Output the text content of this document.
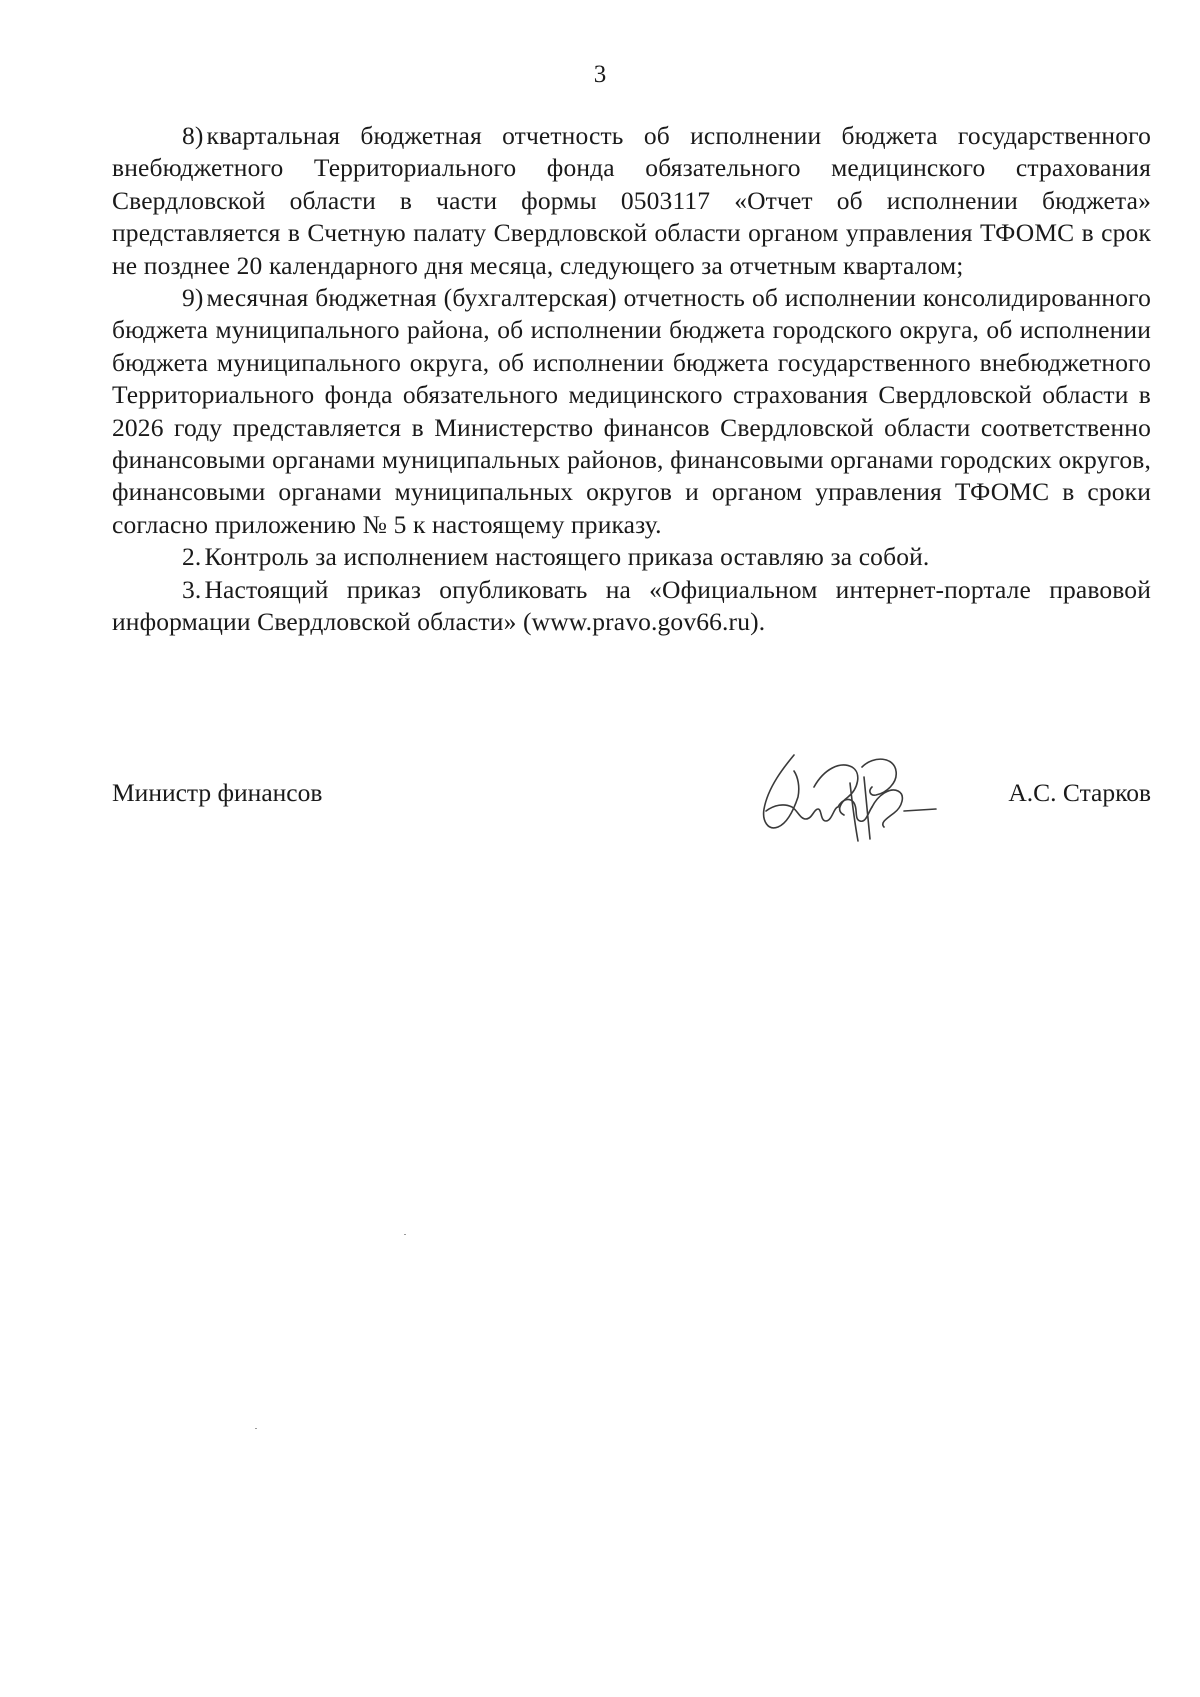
3

8) квартальная бюджетная отчетность об исполнении бюджета государственного внебюджетного Территориального фонда обязательного медицинского страхования Свердловской области в части формы 0503117 «Отчет об исполнении бюджета» представляется в Счетную палату Свердловской области органом управления ТФОМС в срок не позднее 20 календарного дня месяца, следующего за отчетным кварталом;

9) месячная бюджетная (бухгалтерская) отчетность об исполнении консолидированного бюджета муниципального района, об исполнении бюджета городского округа, об исполнении бюджета муниципального округа, об исполнении бюджета государственного внебюджетного Территориального фонда обязательного медицинского страхования Свердловской области в 2026 году представляется в Министерство финансов Свердловской области соответственно финансовыми органами муниципальных районов, финансовыми органами городских округов, финансовыми органами муниципальных округов и органом управления ТФОМС в сроки согласно приложению № 5 к настоящему приказу.

2. Контроль за исполнением настоящего приказа оставляю за собой.

3. Настоящий приказ опубликовать на «Официальном интернет-портале правовой информации Свердловской области» (www.pravo.gov66.ru).

Министр финансов	А.С. Старков
